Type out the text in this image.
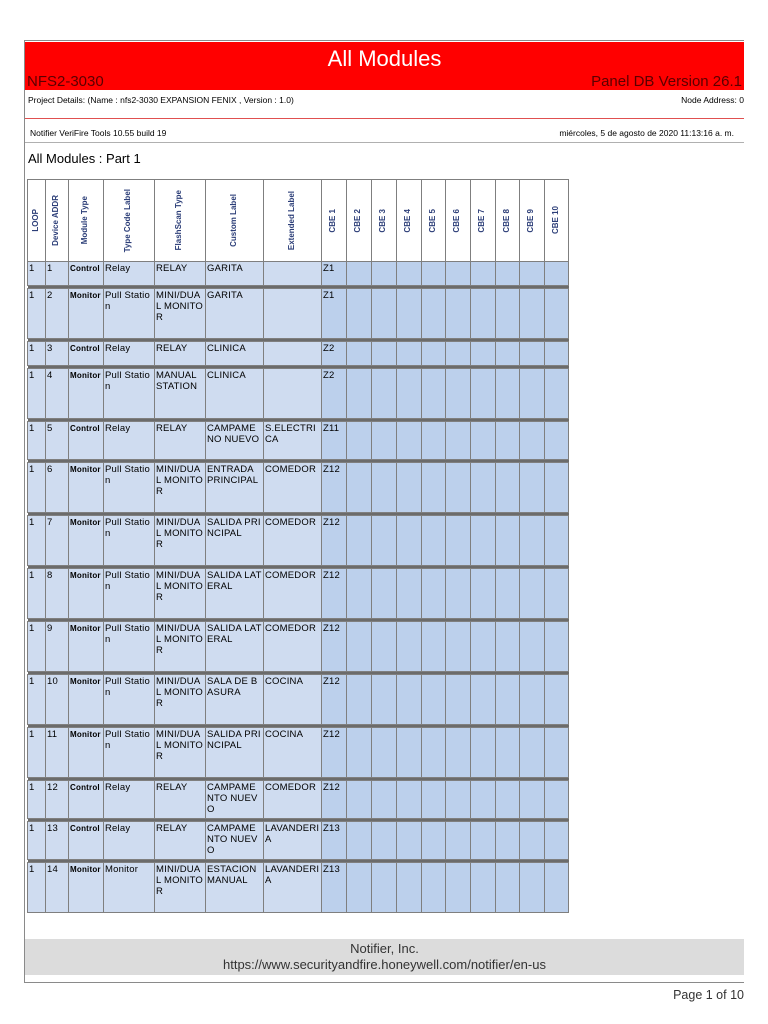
All Modules
NFS2-3030	Panel DB Version 26.1
Project Details: (Name : nfs2-3030 EXPANSION FENIX , Version : 1.0)	Node Address: 0
Notifier VeriFire Tools 10.55 build 19	miércoles, 5 de agosto de 2020 11:13:16 a. m.
All Modules : Part 1
LOOP	Device ADDR	Module Type	Type Code Label	FlashScan Type	Custom Label	Extended Label	CBE 1	CBE 2	CBE 3	CBE 4	CBE 5	CBE 6	CBE 7	CBE 8	CBE 9	CBE 10

1	1	Control	Relay	RELAY	GARITA		Z1									

1	2	Monitor	Pull Station	MINI/DUAL MONITOR	GARITA		Z1									

1	3	Control	Relay	RELAY	CLINICA		Z2									

1	4	Monitor	Pull Station	MANUAL STATION	CLINICA		Z2									

1	5	Control	Relay	RELAY	CAMPAMENO NUEVO	S.ELECTRICA	Z11									

1	6	Monitor	Pull Station	MINI/DUAL MONITOR	ENTRADA PRINCIPAL	COMEDOR	Z12									

1	7	Monitor	Pull Station	MINI/DUAL MONITOR	SALIDA PRINCIPAL	COMEDOR	Z12									

1	8	Monitor	Pull Station	MINI/DUAL MONITOR	SALIDA LATERAL	COMEDOR	Z12									

1	9	Monitor	Pull Station	MINI/DUAL MONITOR	SALIDA LATERAL	COMEDOR	Z12									

1	10	Monitor	Pull Station	MINI/DUAL MONITOR	SALA DE BASURA	COCINA	Z12									

1	11	Monitor	Pull Station	MINI/DUAL MONITOR	SALIDA PRINCIPAL	COCINA	Z12									

1	12	Control	Relay	RELAY	CAMPAMENTO NUEVO	COMEDOR	Z12									

1	13	Control	Relay	RELAY	CAMPAMENTO NUEVO	LAVANDERIA	Z13									

1	14	Monitor	Monitor	MINI/DUAL MONITOR	ESTACION MANUAL	LAVANDERIA	Z13									
Notifier, Inc.
https://www.securityandfire.honeywell.com/notifier/en-us
Page 1 of 10
